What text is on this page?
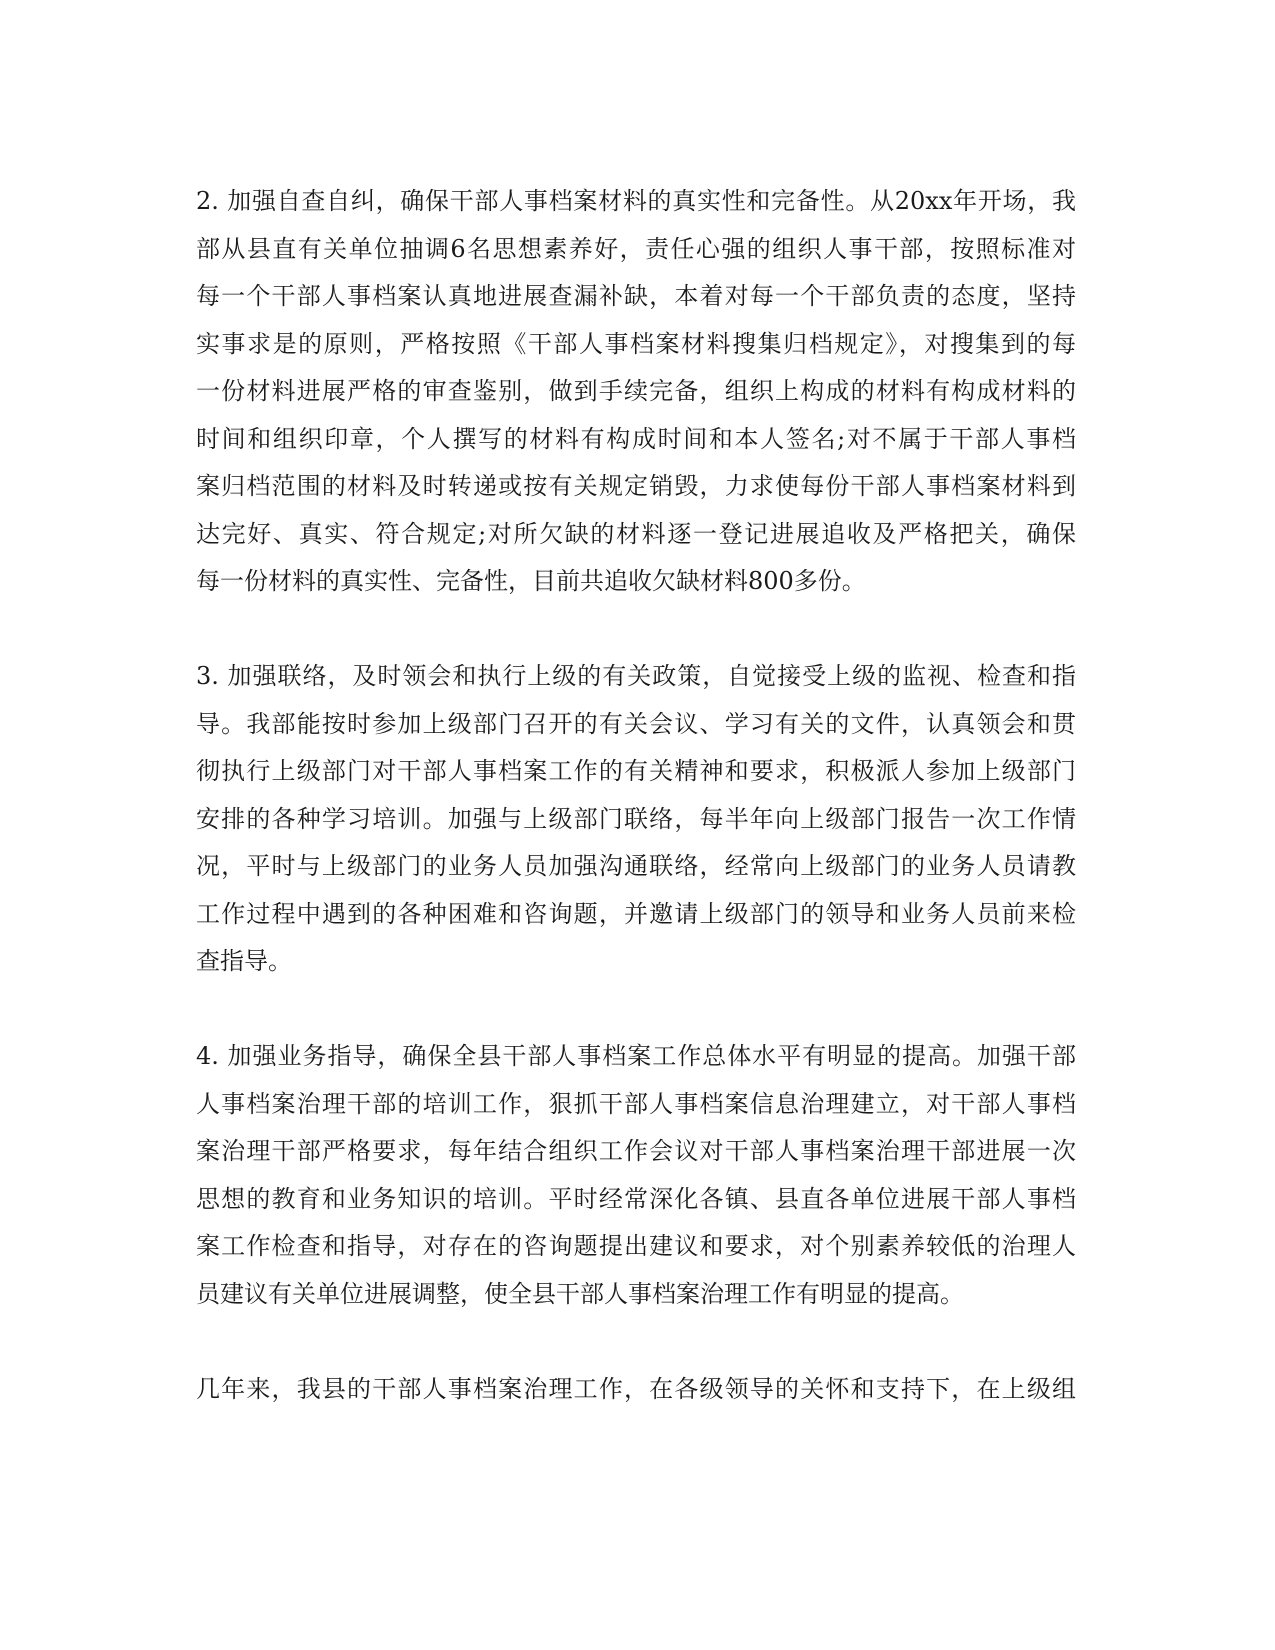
2. 加强自查自纠，确保干部人事档案材料的真实性和完备性。从20xx年开场，我
部从县直有关单位抽调6名思想素养好，责任心强的组织人事干部，按照标准对
每一个干部人事档案认真地进展查漏补缺，本着对每一个干部负责的态度，坚持
实事求是的原则，严格按照《干部人事档案材料搜集归档规定》，对搜集到的每
一份材料进展严格的审查鉴别，做到手续完备，组织上构成的材料有构成材料的
时间和组织印章，个人撰写的材料有构成时间和本人签名;对不属于干部人事档
案归档范围的材料及时转递或按有关规定销毁，力求使每份干部人事档案材料到
达完好、真实、符合规定;对所欠缺的材料逐一登记进展追收及严格把关，确保
每一份材料的真实性、完备性，目前共追收欠缺材料800多份。
3. 加强联络，及时领会和执行上级的有关政策，自觉接受上级的监视、检查和指
导。我部能按时参加上级部门召开的有关会议、学习有关的文件，认真领会和贯
彻执行上级部门对干部人事档案工作的有关精神和要求，积极派人参加上级部门
安排的各种学习培训。加强与上级部门联络，每半年向上级部门报告一次工作情
况，平时与上级部门的业务人员加强沟通联络，经常向上级部门的业务人员请教
工作过程中遇到的各种困难和咨询题，并邀请上级部门的领导和业务人员前来检
查指导。
4. 加强业务指导，确保全县干部人事档案工作总体水平有明显的提高。加强干部
人事档案治理干部的培训工作，狠抓干部人事档案信息治理建立，对干部人事档
案治理干部严格要求，每年结合组织工作会议对干部人事档案治理干部进展一次
思想的教育和业务知识的培训。平时经常深化各镇、县直各单位进展干部人事档
案工作检查和指导，对存在的咨询题提出建议和要求，对个别素养较低的治理人
员建议有关单位进展调整，使全县干部人事档案治理工作有明显的提高。
几年来，我县的干部人事档案治理工作，在各级领导的关怀和支持下，在上级组
